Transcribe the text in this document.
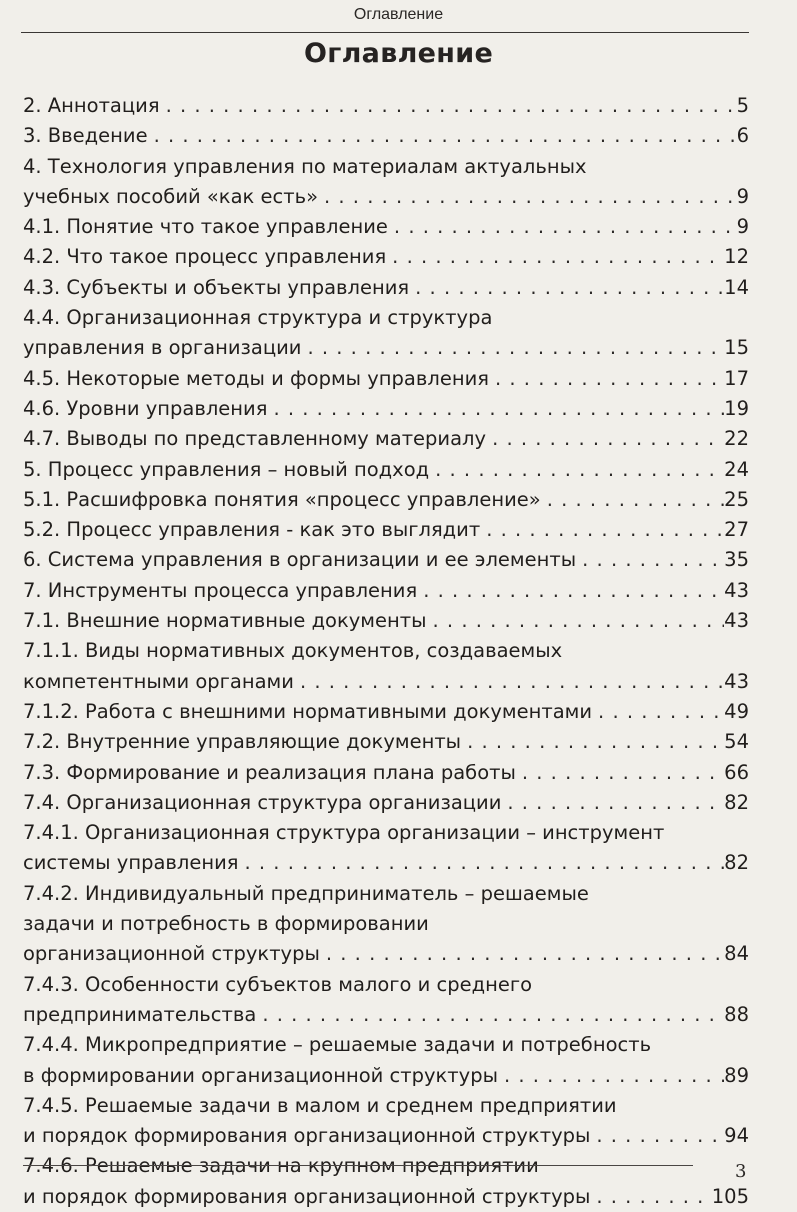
Оглавление
Оглавление
2. Аннотация . . .	5
3. Введение . . .	6
4. Технология управления по материалам актуальных
учебных пособий «как есть» . . .	9
4.1. Понятие что такое управление . . .	9
4.2. Что такое процесс управления . . .	12
4.3. Субъекты и объекты управления . . .	14
4.4. Организационная структура и структура
управления в организации . . .	15
4.5. Некоторые методы и формы управления . . .	17
4.6. Уровни управления . . .	19
4.7. Выводы по представленному материалу . . .	22
5. Процесс управления – новый подход . . .	24
5.1. Расшифровка понятия «процесс управление» . . .	25
5.2. Процесс управления - как это выглядит . . .	27
6. Система управления в организации и ее элементы . . .	35
7. Инструменты процесса управления . . .	43
7.1. Внешние нормативные документы . . .	43
7.1.1. Виды нормативных документов, создаваемых
компетентными органами . . .	43
7.1.2. Работа с внешними нормативными документами . . .	49
7.2. Внутренние управляющие документы . . .	54
7.3. Формирование и реализация плана работы . . .	66
7.4. Организационная структура организации . . .	82
7.4.1. Организационная структура организации – инструмент
системы управления . . .	82
7.4.2. Индивидуальный предприниматель – решаемые
задачи и потребность в формировании
организационной структуры . . .	84
7.4.3. Особенности субъектов малого и среднего
предпринимательства . . .	88
7.4.4. Микропредприятие – решаемые задачи и потребность
в формировании организационной структуры . . .	89
7.4.5. Решаемые задачи в малом и среднем предприятии
и порядок формирования организационной структуры . . .	94
7.4.6. Решаемые задачи на крупном предприятии
и порядок формирования организационной структуры . . .	105
3
